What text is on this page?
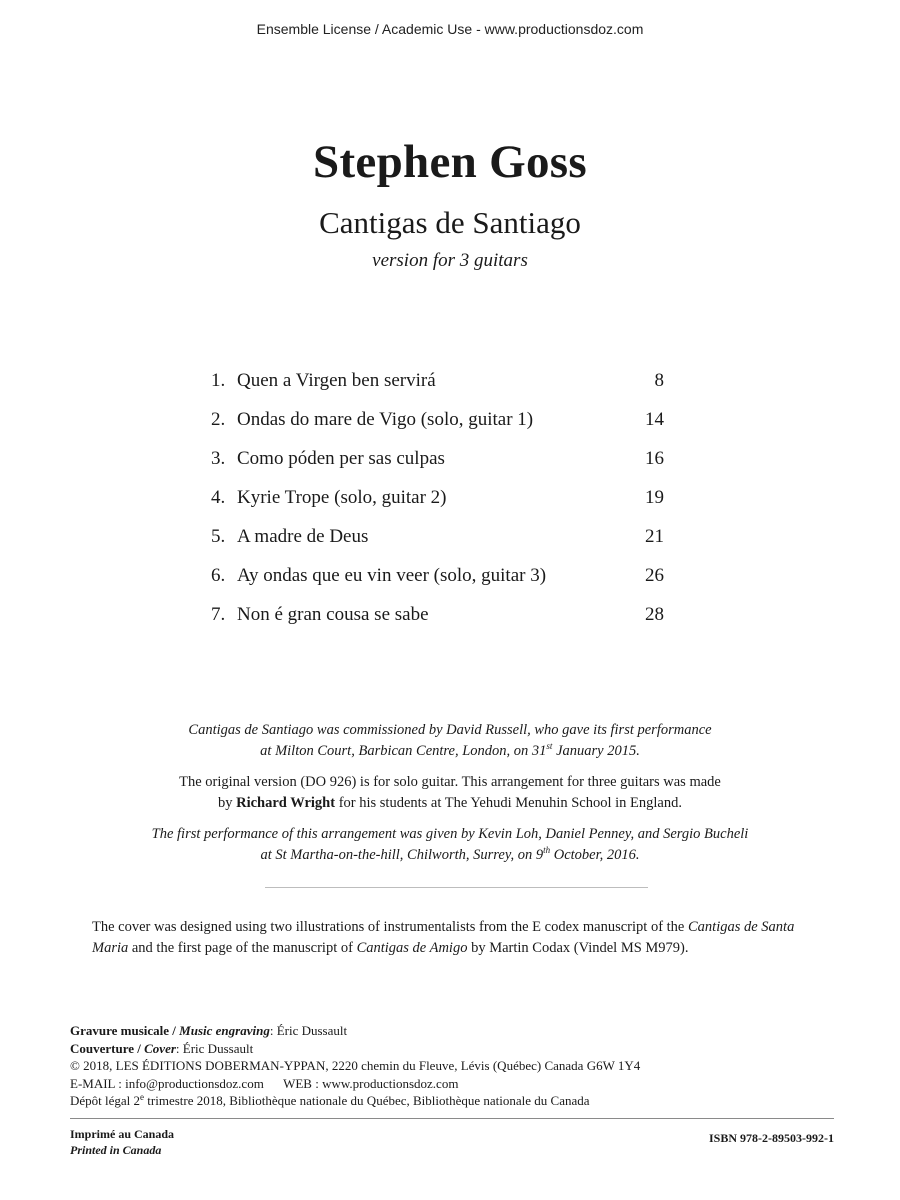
Ensemble License / Academic Use - www.productionsdoz.com
Stephen Goss
Cantigas de Santiago
version for 3 guitars
1. Quen a Virgen ben servirá	8
2. Ondas do mare de Vigo (solo, guitar 1)	14
3. Como póden per sas culpas	16
4. Kyrie Trope (solo, guitar 2)	19
5. A madre de Deus	21
6. Ay ondas que eu vin veer (solo, guitar 3)	26
7. Non é gran cousa se sabe	28

Cantigas de Santiago was commissioned by David Russell, who gave its first performance
at Milton Court, Barbican Centre, London, on 31st January 2015.

The original version (DO 926) is for solo guitar. This arrangement for three guitars was made
by Richard Wright for his students at The Yehudi Menuhin School in England.

The first performance of this arrangement was given by Kevin Loh, Daniel Penney, and Sergio Bucheli
at St Martha-on-the-hill, Chilworth, Surrey, on 9th October, 2016.

The cover was designed using two illustrations of instrumentalists from the E codex manuscript of the Cantigas de Santa Maria and the first page of the manuscript of Cantigas de Amigo by Martin Codax (Vindel MS M979).
Gravure musicale / Music engraving: Éric Dussault
Couverture / Cover: Éric Dussault
© 2018, LES ÉDITIONS DOBERMAN-YPPAN, 2220 chemin du Fleuve, Lévis (Québec) Canada G6W 1Y4
E-MAIL : info@productionsdoz.com      WEB : www.productionsdoz.com
Dépôt légal 2e trimestre 2018, Bibliothèque nationale du Québec, Bibliothèque nationale du Canada
Imprimé au Canada
Printed in Canada
ISBN 978-2-89503-992-1
